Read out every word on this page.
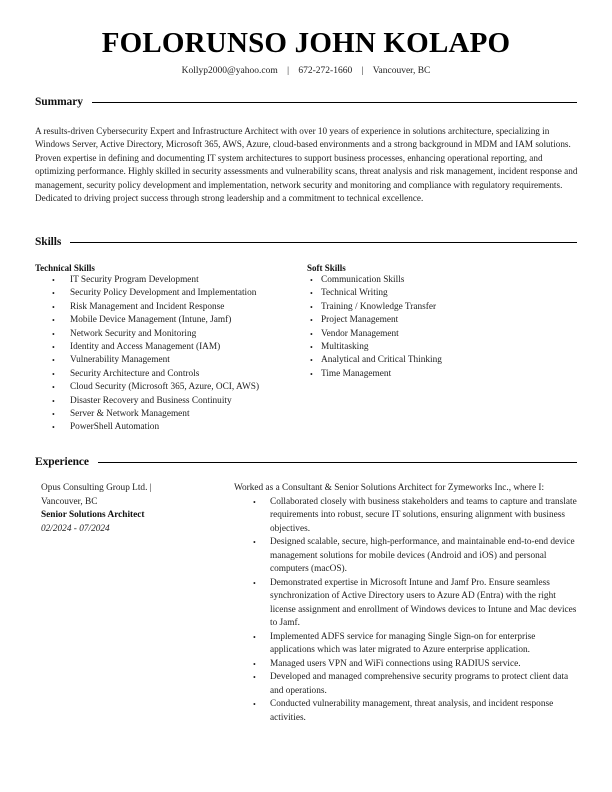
FOLORUNSO JOHN KOLAPO
Kollyp2000@yahoo.com | 672-272-1660 | Vancouver, BC
Summary

A results-driven Cybersecurity Expert and Infrastructure Architect with over 10 years of experience in solutions architecture, specializing in Windows Server, Active Directory, Microsoft 365, AWS, Azure, cloud-based environments and a strong background in MDM and IAM solutions. Proven expertise in defining and documenting IT system architectures to support business processes, enhancing operational reporting, and optimizing performance. Highly skilled in security assessments and vulnerability scans, threat analysis and risk management, incident response and management, security policy development and implementation, network security and monitoring and compliance with regulatory requirements. Dedicated to driving project success through strong leadership and a commitment to technical excellence.

Skills
Technical Skills
• IT Security Program Development
• Security Policy Development and Implementation
• Risk Management and Incident Response
• Mobile Device Management (Intune, Jamf)
• Network Security and Monitoring
• Identity and Access Management (IAM)
• Vulnerability Management
• Security Architecture and Controls
• Cloud Security (Microsoft 365, Azure, OCI, AWS)
• Disaster Recovery and Business Continuity
• Server & Network Management
• PowerShell Automation
Soft Skills
• Communication Skills
• Technical Writing
• Training / Knowledge Transfer
• Project Management
• Vendor Management
• Multitasking
• Analytical and Critical Thinking
• Time Management
Experience
Opus Consulting Group Ltd. |
Vancouver, BC
Senior Solutions Architect
02/2024 - 07/2024
Worked as a Consultant & Senior Solutions Architect for Zymeworks Inc., where I:
• Collaborated closely with business stakeholders and teams to capture and translate requirements into robust, secure IT solutions, ensuring alignment with business objectives.
• Designed scalable, secure, high-performance, and maintainable end-to-end device management solutions for mobile devices (Android and iOS) and personal computers (macOS).
• Demonstrated expertise in Microsoft Intune and Jamf Pro. Ensure seamless synchronization of Active Directory users to Azure AD (Entra) with the right license assignment and enrollment of Windows devices to Intune and Mac devices to Jamf.
• Implemented ADFS service for managing Single Sign-on for enterprise applications which was later migrated to Azure enterprise application.
• Managed users VPN and WiFi connections using RADIUS service.
• Developed and managed comprehensive security programs to protect client data and operations.
• Conducted vulnerability management, threat analysis, and incident response activities.
